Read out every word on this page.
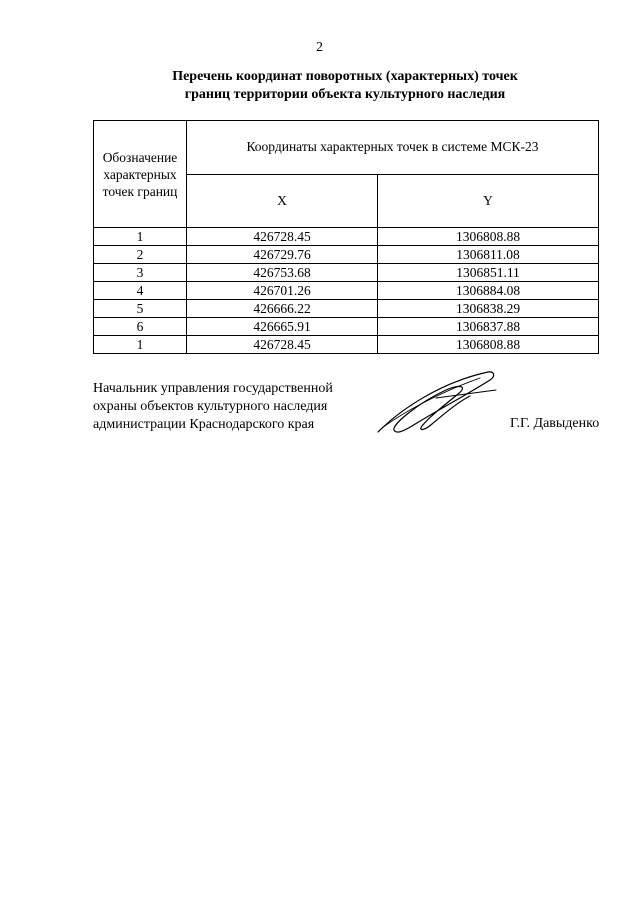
2
Перечень координат поворотных (характерных) точек
границ территории объекта культурного наследия
Обозначение
характерных
точек границ	Координаты характерных точек в системе МСК-23	
	X	Y
1	426728.45	1306808.88
2	426729.76	1306811.08
3	426753.68	1306851.11
4	426701.26	1306884.08
5	426666.22	1306838.29
6	426665.91	1306837.88
1	426728.45	1306808.88
Начальник управления государственной
охраны объектов культурного наследия
администрации Краснодарского края	Г.Г. Давыденко
